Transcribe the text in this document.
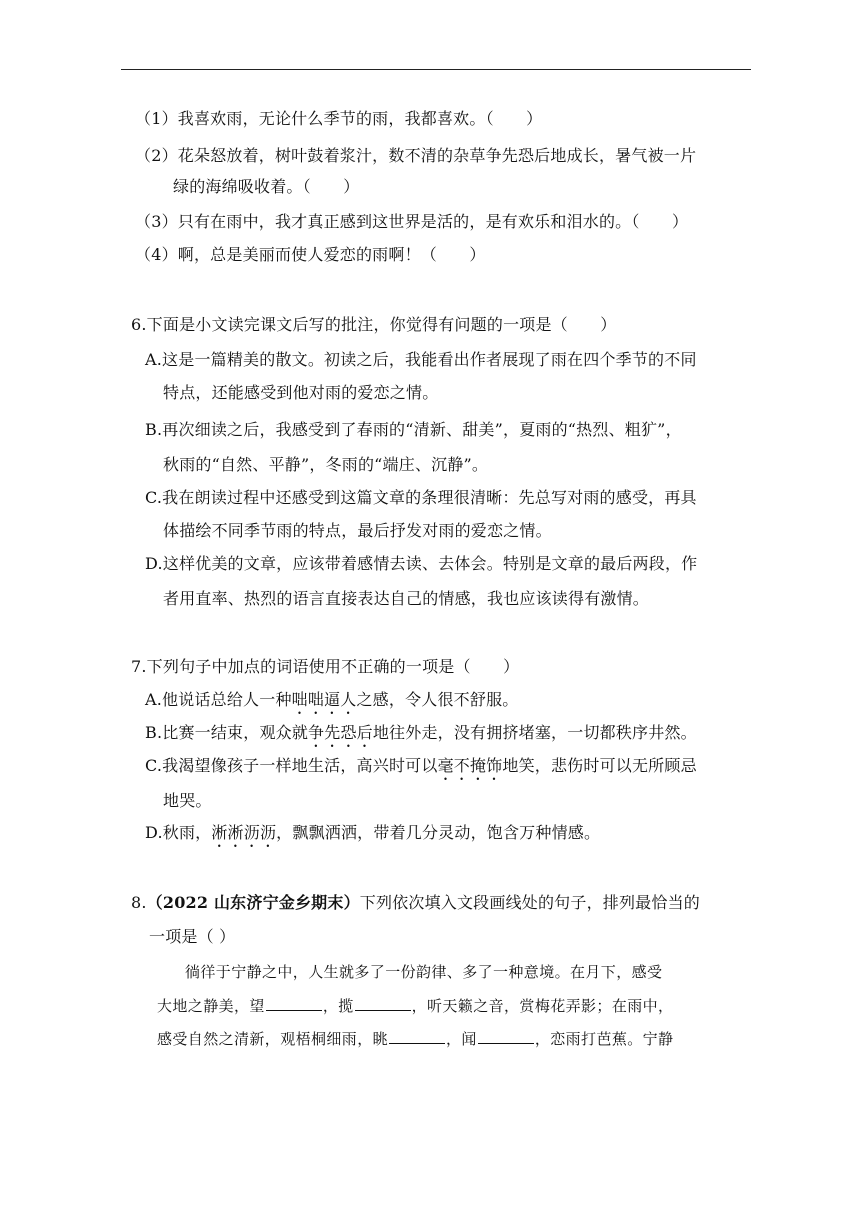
（1）我喜欢雨，无论什么季节的雨，我都喜欢。（　　）
（2）花朵怒放着，树叶鼓着浆汁，数不清的杂草争先恐后地成长，暑气被一片
绿的海绵吸收着。（　　）
（3）只有在雨中，我才真正感到这世界是活的，是有欢乐和泪水的。（　　）
（4）啊，总是美丽而使人爱恋的雨啊！（　　）
6.下面是小文读完课文后写的批注，你觉得有问题的一项是（　　）
A.这是一篇精美的散文。初读之后，我能看出作者展现了雨在四个季节的不同
特点，还能感受到他对雨的爱恋之情。
B.再次细读之后，我感受到了春雨的“清新、甜美”，夏雨的“热烈、粗犷”，
秋雨的“自然、平静”，冬雨的“端庄、沉静”。
C.我在朗读过程中还感受到这篇文章的条理很清晰：先总写对雨的感受，再具
体描绘不同季节雨的特点，最后抒发对雨的爱恋之情。
D.这样优美的文章，应该带着感情去读、去体会。特别是文章的最后两段，作
者用直率、热烈的语言直接表达自己的情感，我也应该读得有激情。
7.下列句子中加点的词语使用不正确的一项是（　　）
A.他说话总给人一种咄咄逼人之感，令人很不舒服。
B.比赛一结束，观众就争先恐后地往外走，没有拥挤堵塞，一切都秩序井然。
C.我渴望像孩子一样地生活，高兴时可以毫不掩饰地笑，悲伤时可以无所顾忌
地哭。
D.秋雨，淅淅沥沥，飘飘洒洒，带着几分灵动，饱含万种情感。
8.（2022 山东济宁金乡期末）下列依次填入文段画线处的句子，排列最恰当的
一项是（ ）
徜徉于宁静之中，人生就多了一份韵律、多了一种意境。在月下，感受
大地之静美，望	，揽	，听天籁之音，赏梅花弄影；在雨中，
感受自然之清新，观梧桐细雨，眺	，闻	，恋雨打芭蕉。宁静
